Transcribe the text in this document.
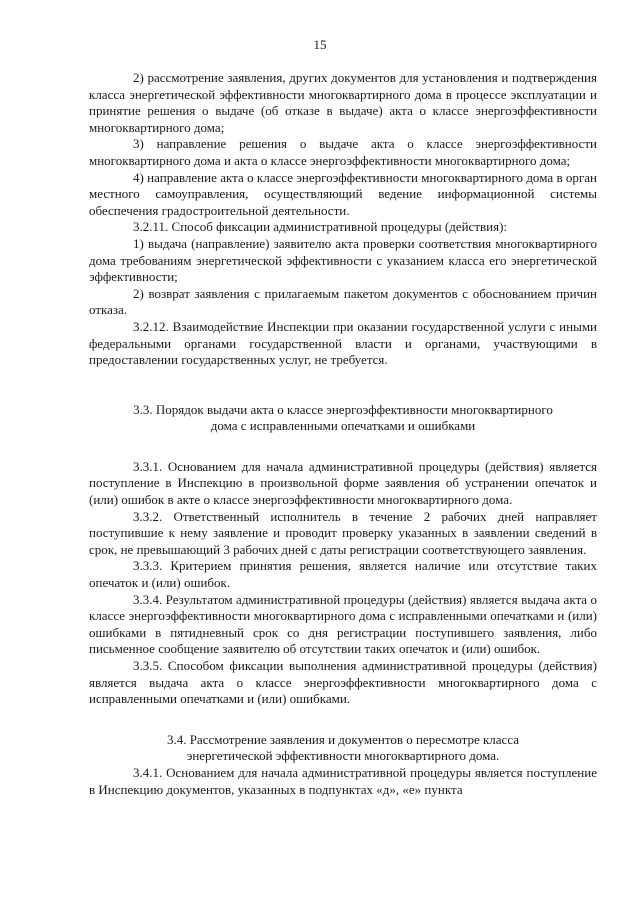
15

2) рассмотрение заявления, других документов для установления и подтверждения класса энергетической эффективности многоквартирного дома в процессе эксплуатации и принятие решения о выдаче (об отказе в выдаче) акта о классе энергоэффективности многоквартирного дома;

3) направление решения о выдаче акта о классе энергоэффективности многоквартирного дома и акта о классе энергоэффективности многоквартирного дома;

4) направление акта о классе энергоэффективности многоквартирного дома в орган местного самоуправления, осуществляющий ведение информационной системы обеспечения градостроительной деятельности.

3.2.11. Способ фиксации административной процедуры (действия):

1) выдача (направление) заявителю акта проверки соответствия многоквартирного дома требованиям энергетической эффективности с указанием класса его энергетической эффективности;

2) возврат заявления с прилагаемым пакетом документов с обоснованием причин отказа.

3.2.12. Взаимодействие Инспекции при оказании государственной услуги с иными федеральными органами государственной власти и органами, участвующими в предоставлении государственных услуг, не требуется.

3.3. Порядок выдачи акта о классе энергоэффективности многоквартирного дома с исправленными опечатками и ошибками

3.3.1. Основанием для начала административной процедуры (действия) является поступление в Инспекцию в произвольной форме заявления об устранении опечаток и (или) ошибок в акте о классе энергоэффективности многоквартирного дома.

3.3.2. Ответственный исполнитель в течение 2 рабочих дней направляет поступившие к нему заявление и проводит проверку указанных в заявлении сведений в срок, не превышающий 3 рабочих дней с даты регистрации соответствующего заявления.

3.3.3. Критерием принятия решения, является наличие или отсутствие таких опечаток и (или) ошибок.

3.3.4. Результатом административной процедуры (действия) является выдача акта о классе энергоэффективности многоквартирного дома с исправленными опечатками и (или) ошибками в пятидневный срок со дня регистрации поступившего заявления, либо письменное сообщение заявителю об отсутствии таких опечаток и (или) ошибок.

3.3.5. Способом фиксации выполнения административной процедуры (действия) является выдача акта о классе энергоэффективности многоквартирного дома с исправленными опечатками и (или) ошибками.

3.4. Рассмотрение заявления и документов о пересмотре класса энергетической эффективности многоквартирного дома.

3.4.1. Основанием для начала административной процедуры является поступление в Инспекцию документов, указанных в подпунктах «д», «е» пункта
